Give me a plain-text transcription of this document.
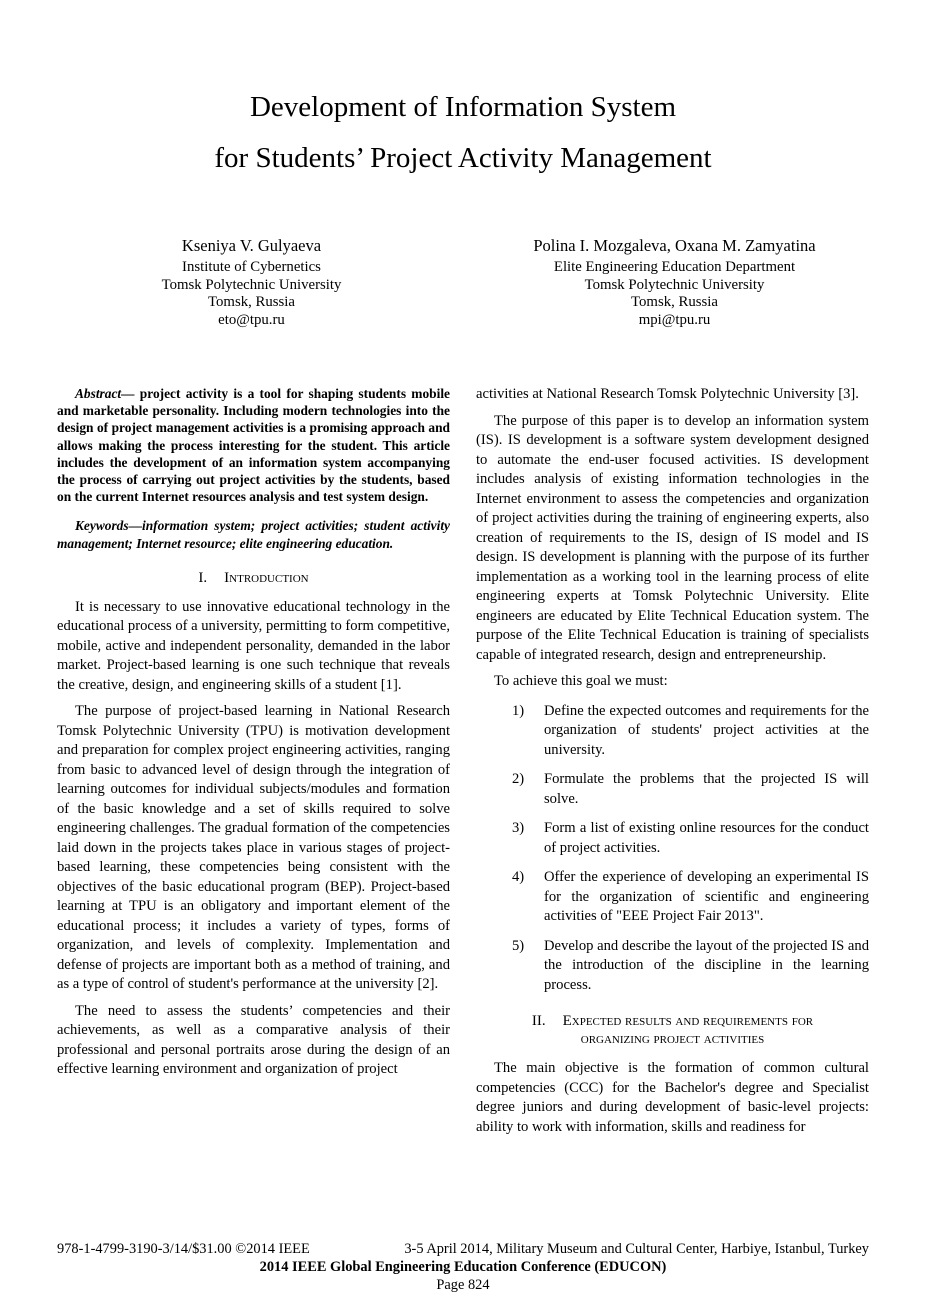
Development of Information System
for Students’ Project Activity Management
Kseniya V. Gulyaeva
Institute of Cybernetics
Tomsk Polytechnic University
Tomsk, Russia
eto@tpu.ru
Polina I. Mozgaleva, Oxana M. Zamyatina
Elite Engineering Education Department
Tomsk Polytechnic University
Tomsk, Russia
mpi@tpu.ru

Abstract— project activity is a tool for shaping students mobile and marketable personality. Including modern technologies into the design of project management activities is a promising approach and allows making the process interesting for the student. This article includes the development of an information system accompanying the process of carrying out project activities by the students, based on the current Internet resources analysis and test system design.

Keywords—information system; project activities; student activity management; Internet resource; elite engineering education.

I. Introduction

It is necessary to use innovative educational technology in the educational process of a university, permitting to form competitive, mobile, active and independent personality, demanded in the labor market. Project-based learning is one such technique that reveals the creative, design, and engineering skills of a student [1].

The purpose of project-based learning in National Research Tomsk Polytechnic University (TPU) is motivation development and preparation for complex project engineering activities, ranging from basic to advanced level of design through the integration of learning outcomes for individual subjects/modules and formation of the basic knowledge and a set of skills required to solve engineering challenges. The gradual formation of the competencies laid down in the projects takes place in various stages of project-based learning, these competencies being consistent with the objectives of the basic educational program (BEP). Project-based learning at TPU is an obligatory and important element of the educational process; it includes a variety of types, forms of organization, and levels of complexity. Implementation and defense of projects are important both as a method of training, and as a type of control of student's performance at the university [2].

The need to assess the students’ competencies and their achievements, as well as a comparative analysis of their professional and personal portraits arose during the design of an effective learning environment and organization of project

activities at National Research Tomsk Polytechnic University [3].

The purpose of this paper is to develop an information system (IS). IS development is a software system development designed to automate the end-user focused activities. IS development includes analysis of existing information technologies in the Internet environment to assess the competencies and organization of project activities during the training of engineering experts, also creation of requirements to the IS, design of IS model and IS design. IS development is planning with the purpose of its further implementation as a working tool in the learning process of elite engineering experts at Tomsk Polytechnic University. Elite engineers are educated by Elite Technical Education system. The purpose of the Elite Technical Education is training of specialists capable of integrated research, design and entrepreneurship.

To achieve this goal we must:

1)	Define the expected outcomes and requirements for the organization of students' project activities at the university.
2)	Formulate the problems that the projected IS will solve.
3)	Form a list of existing online resources for the conduct of project activities.
4)	Offer the experience of developing an experimental IS for the organization of scientific and engineering activities of "EEE Project Fair 2013".
5)	Develop and describe the layout of the projected IS and the introduction of the discipline in the learning process.
II. Expected results and requirements for organizing project activities

The main objective is the formation of common cultural competencies (CCC) for the Bachelor's degree and Specialist degree juniors and during development of basic-level projects: ability to work with information, skills and readiness for

978-1-4799-3190-3/14/$31.00 ©2014 IEEE	3-5 April 2014, Military Museum and Cultural Center, Harbiye, Istanbul, Turkey
2014 IEEE Global Engineering Education Conference (EDUCON)
Page 824
